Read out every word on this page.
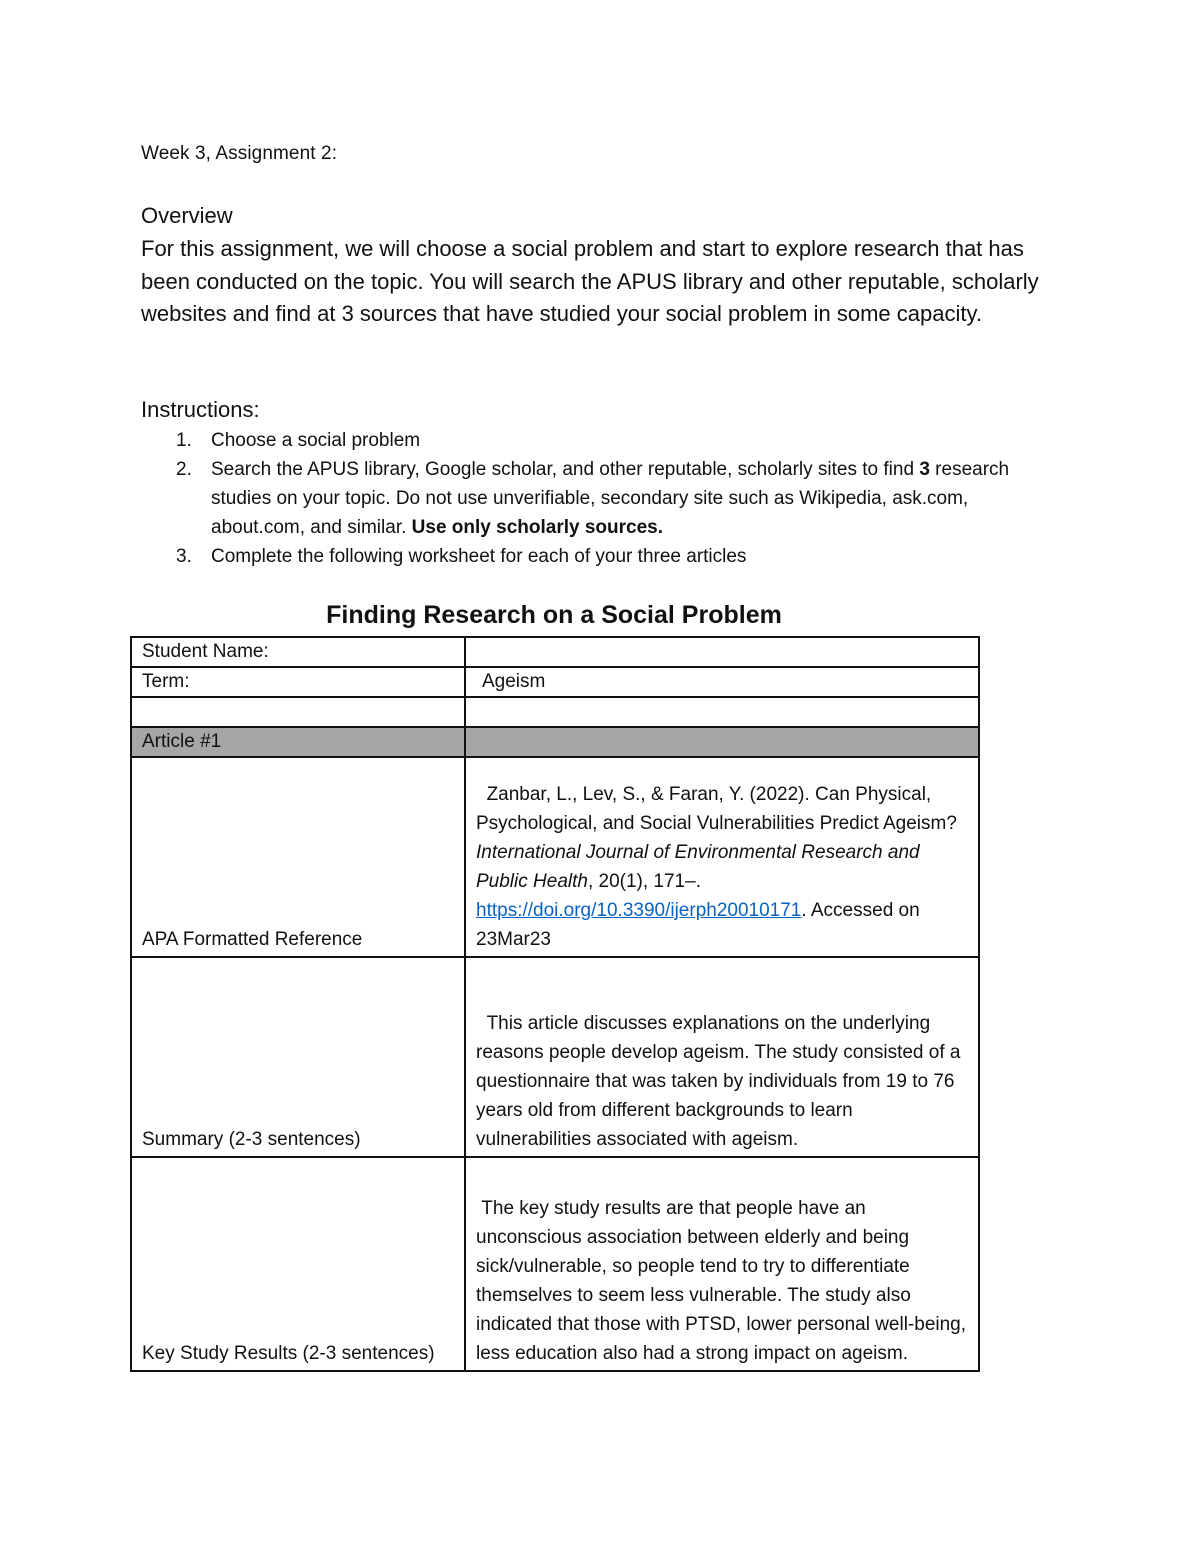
Week 3, Assignment 2:
Overview
For this assignment, we will choose a social problem and start to explore research that has been conducted on the topic. You will search the APUS library and other reputable, scholarly websites and find at 3 sources that have studied your social problem in some capacity.
Instructions:
1. Choose a social problem
2. Search the APUS library, Google scholar, and other reputable, scholarly sites to find 3 research studies on your topic. Do not use unverifiable, secondary site such as Wikipedia, ask.com, about.com, and similar. Use only scholarly sources.
3. Complete the following worksheet for each of your three articles
Finding Research on a Social Problem
Student Name:	
Term:	Ageism

Article #1	

APA Formatted Reference	Zanbar, L., Lev, S., & Faran, Y. (2022). Can Physical, Psychological, and Social Vulnerabilities Predict Ageism? International Journal of Environmental Research and Public Health, 20(1), 171–. https://doi.org/10.3390/ijerph20010171. Accessed on 23Mar23

Summary (2-3 sentences)	This article discusses explanations on the underlying reasons people develop ageism. The study consisted of a questionnaire that was taken by individuals from 19 to 76 years old from different backgrounds to learn vulnerabilities associated with ageism.

Key Study Results (2-3 sentences)	The key study results are that people have an unconscious association between elderly and being sick/vulnerable, so people tend to try to differentiate themselves to seem less vulnerable. The study also indicated that those with PTSD, lower personal well-being, less education also had a strong impact on ageism.
